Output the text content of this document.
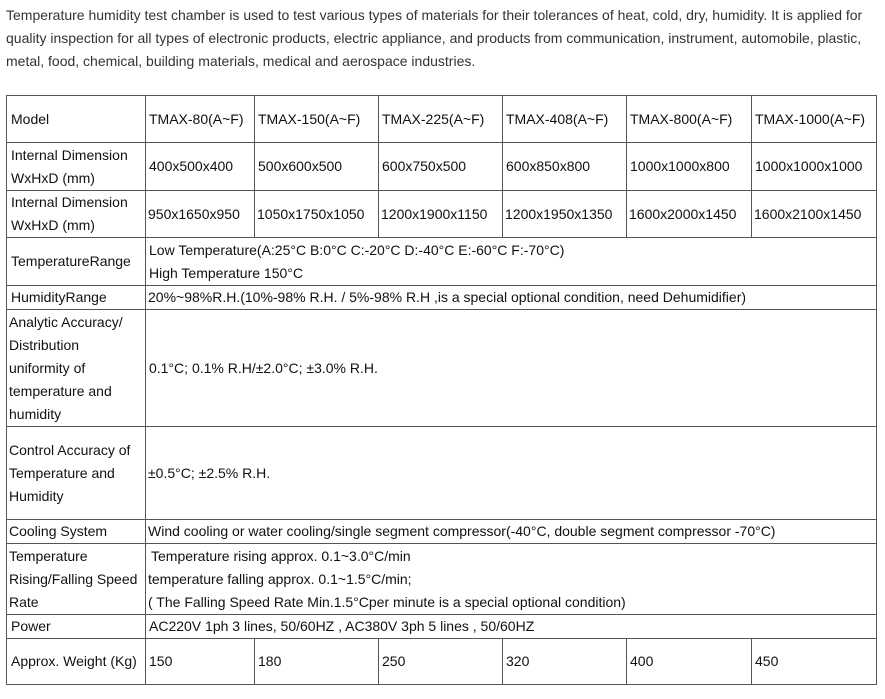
Temperature humidity test chamber is used to test various types of materials for their tolerances of heat, cold, dry, humidity. It is applied for quality inspection for all types of electronic products, electric appliance, and products from communication, instrument, automobile, plastic, metal, food, chemical, building materials, medical and aerospace industries.
Model	TMAX-80(A~F)	TMAX-150(A~F)	TMAX-225(A~F)	TMAX-408(A~F)	TMAX-800(A~F)	TMAX-1000(A~F)
Internal Dimension WxHxD (mm)	400x500x400	500x600x500	600x750x500	600x850x800	1000x1000x800	1000x1000x1000
Internal Dimension WxHxD (mm)	950x1650x950	1050x1750x1050	1200x1900x1150	1200x1950x1350	1600x2000x1450	1600x2100x1450
TemperatureRange	Low Temperature(A:25°C B:0°C C:-20°C D:-40°C E:-60°C F:-70°C)
High Temperature 150°C					

HumidityRange	20%~98%R.H.(10%-98% R.H. / 5%-98% R.H ,is a special optional condition, need Dehumidifier)					
Analytic Accuracy/ Distribution uniformity of temperature and humidity	0.1°C; 0.1% R.H/±2.0°C; ±3.0% R.H.					
Control Accuracy of Temperature and Humidity	±0.5°C; ±2.5% R.H.					
Cooling System	Wind cooling or water cooling/single segment compressor(-40°C, double segment compressor -70°C)					
Temperature Rising/Falling Speed Rate	Temperature rising approx. 0.1~3.0°C/min
temperature falling approx. 0.1~1.5°C/min;
( The Falling Speed Rate Min.1.5°Cper minute is a special optional condition)					

Power	AC220V 1ph 3 lines, 50/60HZ , AC380V 3ph 5 lines , 50/60HZ					
Approx. Weight (Kg)	150	180	250	320	400	450
